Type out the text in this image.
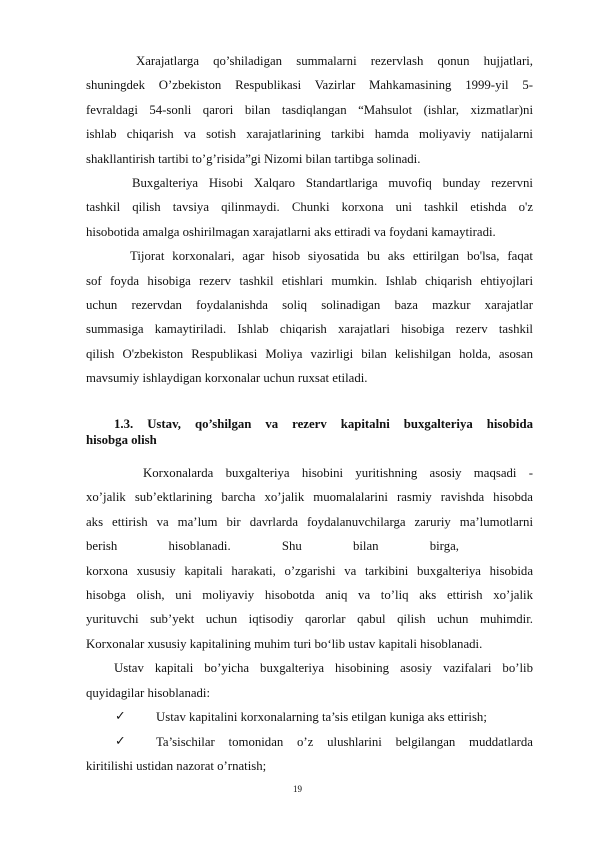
Xarajatlarga qo’shiladigan summalarni rezervlash qonun hujjatlari,
shuningdek O’zbekiston Respublikasi Vazirlar Mahkamasining 1999-yil 5-
fevraldagi 54-sonli qarori bilan tasdiqlangan “Mahsulot (ishlar, xizmatlar)ni
ishlab chiqarish va sotish xarajatlarining tarkibi hamda moliyaviy natijalarni
shakllantirish tartibi to’g’risida”gi Nizomi bilan tartibga solinadi.
Buxgalteriya Hisobi Xalqaro Standartlariga muvofiq bunday rezervni
tashkil qilish tavsiya qilinmaydi. Chunki korxona uni tashkil etishda o'z
hisobotida amalga oshirilmagan xarajatlarni aks ettiradi va foydani kamaytiradi.
Tijorat korxonalari, agar hisob siyosatida bu aks ettirilgan bo'lsa, faqat
sof foyda hisobiga rezerv tashkil etishlari mumkin. Ishlab chiqarish ehtiyojlari
uchun rezervdan foydalanishda soliq solinadigan baza mazkur xarajatlar
summasiga kamaytiriladi. Ishlab chiqarish xarajatlari hisobiga rezerv tashkil
qilish O'zbekiston Respublikasi Moliya vazirligi bilan kelishilgan holda, asosan
mavsumiy ishlaydigan korxonalar uchun ruxsat etiladi.
1.3. Ustav, qo’shilgan va rezerv kapitalni buxgalteriya hisobida
hisobga olish
Korxonalarda buxgalteriya hisobini yuritishning asosiy maqsadi -
xo’jalik sub’ektlarining barcha xo’jalik muomalalarini rasmiy ravishda hisobda
aks ettirish va ma’lum bir davrlarda foydalanuvchilarga zaruriy ma’lumotlarni
berish                hisoblanadi.                Shu                bilan                birga,
korxona xususiy kapitali harakati, o’zgarishi va tarkibini buxgalteriya hisobida
hisobga olish, uni moliyaviy hisobotda aniq va to’liq aks ettirish xo’jalik
yurituvchi sub’yekt uchun iqtisodiy qarorlar qabul qilish uchun muhimdir.
Korxonalar xususiy kapitalining muhim turi bo‘lib ustav kapitali hisoblanadi.
Ustav kapitali bo’yicha buxgalteriya hisobining asosiy vazifalari bo’lib
quyidagilar hisoblanadi:
✓ Ustav kapitalini korxonalarning ta’sis etilgan kuniga aks ettirish;
✓ Ta’sischilar tomonidan o’z ulushlarini belgilangan muddatlarda
kiritilishi ustidan nazorat o’rnatish;
19
